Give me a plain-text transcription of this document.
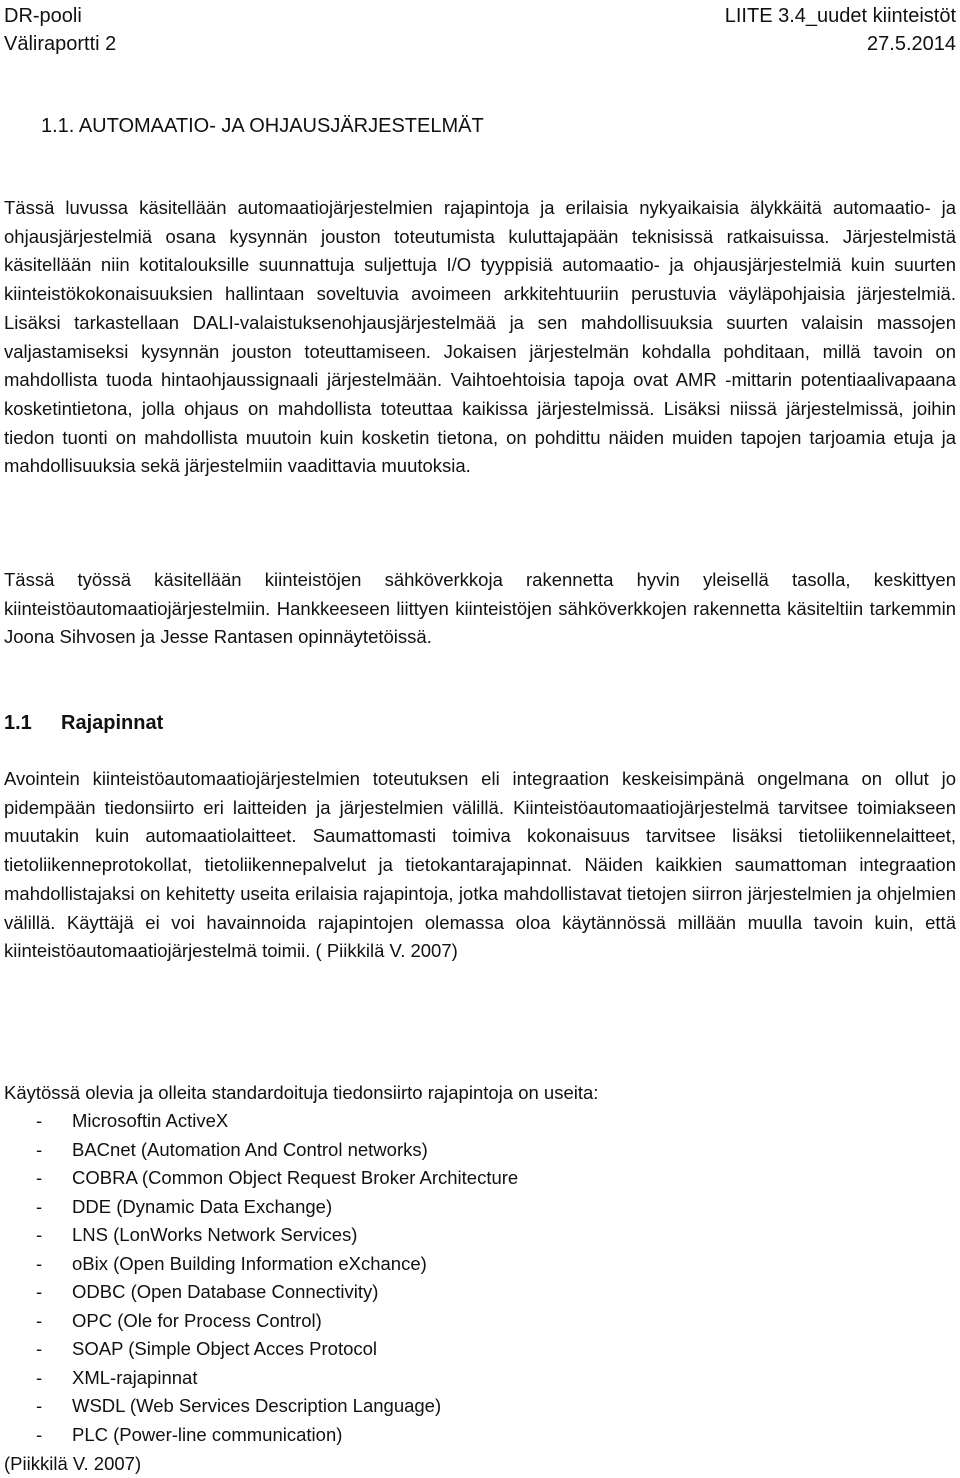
DR-pooli
Väliraportti 2
LIITE 3.4_uudet kiinteistöt
27.5.2014
1.1. AUTOMAATIO- JA OHJAUSJÄRJESTELMÄT

Tässä luvussa käsitellään automaatiojärjestelmien rajapintoja ja erilaisia nykyaikaisia älykkäitä automaatio- ja ohjausjärjestelmiä osana kysynnän jouston toteutumista kuluttajapään teknisissä ratkaisuissa. Järjestelmistä käsitellään niin kotitalouksille suunnattuja suljettuja I/O tyyppisiä automaatio- ja ohjausjärjestelmiä kuin suurten kiinteistökokonaisuuksien hallintaan soveltuvia avoimeen arkkitehtuuriin perustuvia väyläpohjaisia järjestelmiä. Lisäksi tarkastellaan DALI-valaistuksenohjausjärjestelmää ja sen mahdollisuuksia suurten valaisin massojen valjastamiseksi kysynnän jouston toteuttamiseen. Jokaisen järjestelmän kohdalla pohditaan, millä tavoin on mahdollista tuoda hintaohjaussignaali järjestelmään. Vaihtoehtoisia tapoja ovat AMR -mittarin potentiaalivapaana kosketintietona, jolla ohjaus on mahdollista toteuttaa kaikissa järjestelmissä. Lisäksi niissä järjestelmissä, joihin tiedon tuonti on mahdollista muutoin kuin kosketin tietona, on pohdittu näiden muiden tapojen tarjoamia etuja ja mahdollisuuksia sekä järjestelmiin vaadittavia muutoksia.

Tässä työssä käsitellään kiinteistöjen sähköverkkoja rakennetta hyvin yleisellä tasolla, keskittyen kiinteistöautomaatiojärjestelmiin. Hankkeeseen liittyen kiinteistöjen sähköverkkojen rakennetta käsiteltiin tarkemmin Joona Sihvosen ja Jesse Rantasen opinnäytetöissä.

1.1 Rajapinnat

Avointein kiinteistöautomaatiojärjestelmien toteutuksen eli integraation keskeisimpänä ongelmana on ollut jo pidempään tiedonsiirto eri laitteiden ja järjestelmien välillä. Kiinteistöautomaatiojärjestelmä tarvitsee toimiakseen muutakin kuin automaatiolaitteet. Saumattomasti toimiva kokonaisuus tarvitsee lisäksi tietoliikennelaitteet, tietoliikenneprotokollat, tietoliikennepalvelut ja tietokantarajapinnat. Näiden kaikkien saumattoman integraation mahdollistajaksi on kehitetty useita erilaisia rajapintoja, jotka mahdollistavat tietojen siirron järjestelmien ja ohjelmien välillä. Käyttäjä ei voi havainnoida rajapintojen olemassa oloa käytännössä millään muulla tavoin kuin, että kiinteistöautomaatiojärjestelmä toimii. ( Piikkilä V. 2007)

Käytössä olevia ja olleita standardoituja tiedonsiirto rajapintoja on useita:

- Microsoftin ActiveX
- BACnet (Automation And Control networks)
- COBRA (Common Object Request Broker Architecture
- DDE (Dynamic Data Exchange)
- LNS (LonWorks Network Services)
- oBix (Open Building Information eXchance)
- ODBC (Open Database Connectivity)
- OPC (Ole for Process Control)
- SOAP (Simple Object Acces Protocol
- XML-rajapinnat
- WSDL (Web Services Description Language)
- PLC (Power-line communication)
(Piikkilä V. 2007)
